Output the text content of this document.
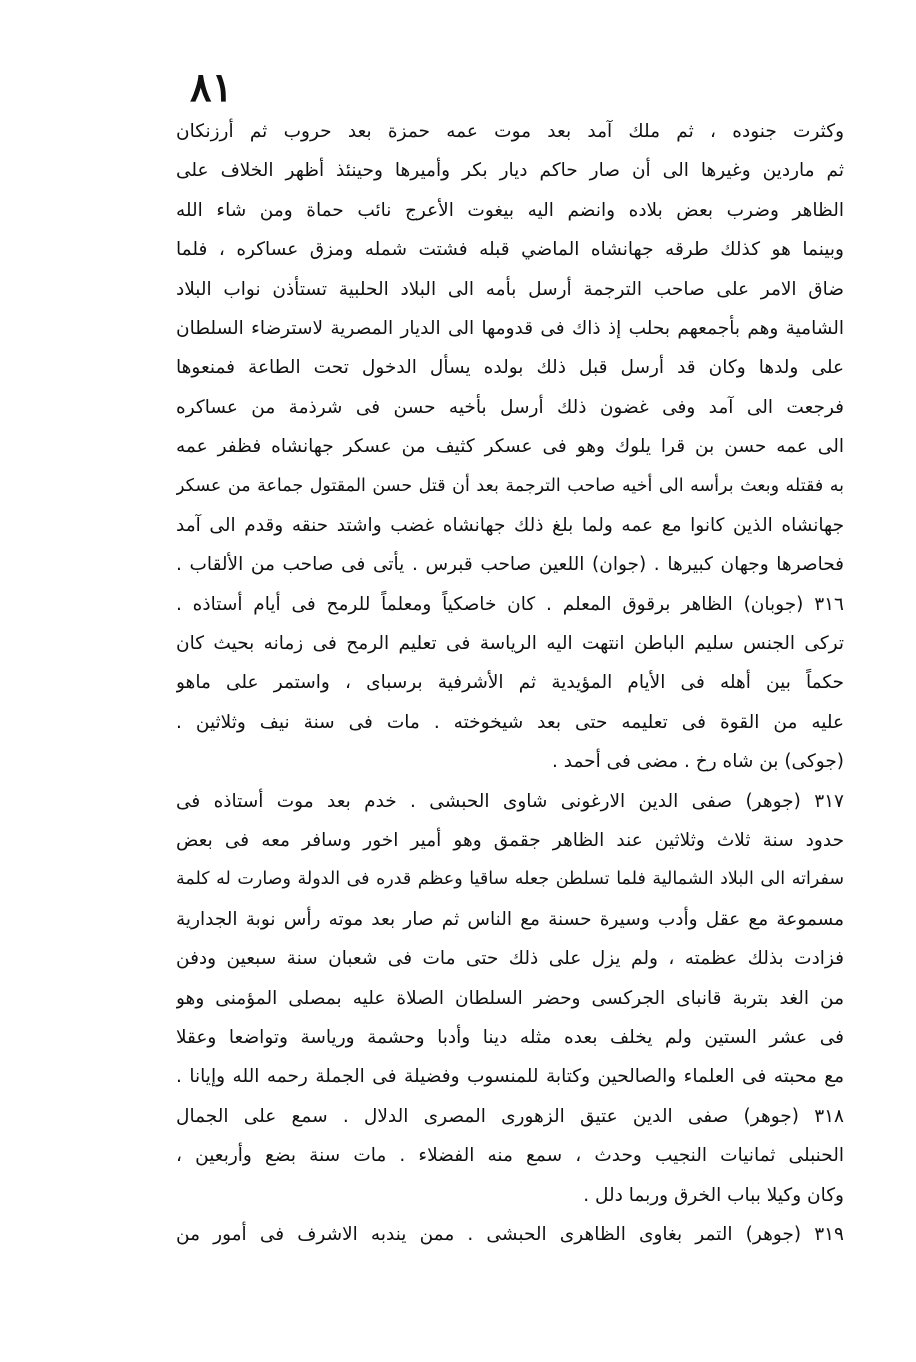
٨١
وكثرت جنوده ، ثم ملك آمد بعد موت عمه حمزة بعد حروب ثم أرزنكان
ثم ماردين وغيرها الى أن صار حاكم ديار بكر وأميرها وحينئذ أظهر الخلاف على
الظاهر وضرب بعض بلاده وانضم اليه بيغوت الأعرج نائب حماة ومن شاء الله
وبينما هو كذلك طرقه جهانشاه الماضي قبله فشتت شمله ومزق عساكره ، فلما
ضاق الامر على صاحب الترجمة أرسل بأمه الى البلاد الحلبية تستأذن نواب البلاد
الشامية وهم بأجمعهم بحلب إذ ذاك فى قدومها الى الديار المصرية لاسترضاء السلطان
على ولدها وكان قد أرسل قبل ذلك بولده يسأل الدخول تحت الطاعة فمنعوها
فرجعت الى آمد وفى غضون ذلك أرسل بأخيه حسن فى شرذمة من عساكره
الى عمه حسن بن قرا يلوك وهو فى عسكر كثيف من عسكر جهانشاه فظفر عمه
به فقتله وبعث برأسه الى أخيه صاحب الترجمة بعد أن قتل حسن المقتول جماعة من عسكر
جهانشاه الذين كانوا مع عمه ولما بلغ ذلك جهانشاه غضب واشتد حنقه وقدم الى آمد
فحاصرها وجهان كبيرها . (جوان) اللعين صاحب قبرس . يأتى فى صاحب من الألقاب .
٣١٦ (جوبان) الظاهر برقوق المعلم . كان خاصكياً ومعلماً للرمح فى أيام أستاذه .
تركى الجنس سليم الباطن انتهت اليه الرياسة فى تعليم الرمح فى زمانه بحيث كان
حكماً بين أهله فى الأيام المؤيدية ثم الأشرفية برسباى ، واستمر على ماهو
عليه من القوة فى تعليمه حتى بعد شيخوخته . مات فى سنة نيف وثلاثين .
(جوكى) بن شاه رخ . مضى فى أحمد .
٣١٧ (جوهر) صفى الدين الارغونى شاوى الحبشى . خدم بعد موت أستاذه فى
حدود سنة ثلاث وثلاثين عند الظاهر جقمق وهو أمير اخور وسافر معه فى بعض
سفراته الى البلاد الشمالية فلما تسلطن جعله ساقيا وعظم قدره فى الدولة وصارت له كلمة
مسموعة مع عقل وأدب وسيرة حسنة مع الناس ثم صار بعد موته رأس نوبة الجدارية
فزادت بذلك عظمته ، ولم يزل على ذلك حتى مات فى شعبان سنة سبعين ودفن
من الغد بتربة قانباى الجركسى وحضر السلطان الصلاة عليه بمصلى المؤمنى وهو
فى عشر الستين ولم يخلف بعده مثله دينا وأدبا وحشمة ورياسة وتواضعا وعقلا
مع محبته فى العلماء والصالحين وكتابة للمنسوب وفضيلة فى الجملة رحمه الله وإيانا .
٣١٨ (جوهر) صفى الدين عتيق الزهورى المصرى الدلال . سمع على الجمال
الحنبلى ثمانيات النجيب وحدث ، سمع منه الفضلاء . مات سنة بضع وأربعين ،
وكان وكيلا بباب الخرق وربما دلل .
٣١٩ (جوهر) التمر بغاوى الظاهرى الحبشى . ممن يندبه الاشرف فى أمور من
